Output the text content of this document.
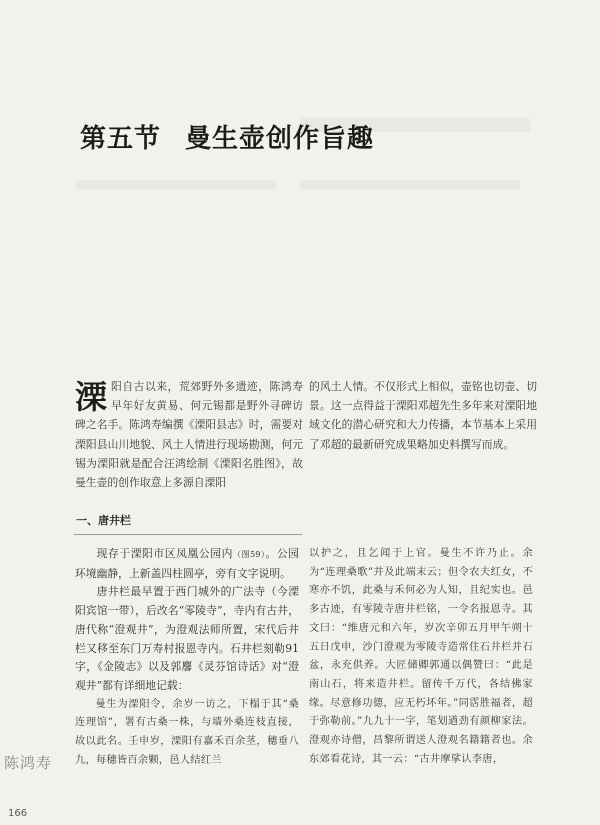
第五节 曼生壶创作旨趣
溧阳自古以来，荒郊野外多遗迹，陈鸿寿早年好友黄易、何元锡都是野外寻碑访碑之名手。陈鸿寿编撰《溧阳县志》时，需要对溧阳县山川地貌、风土人情进行现场勘测，何元锡为溧阳就是配合汪鸿绘制《溧阳名胜图》，故曼生壶的创作取意上多源自溧阳
的风土人情。不仅形式上相似，壶铭也切壶、切景。这一点得益于溧阳邓超先生多年来对溧阳地域文化的潜心研究和大力传播，本节基本上采用了邓超的最新研究成果略加史料撰写而成。
一、唐井栏

现存于溧阳市区凤凰公园内（图59）。公园环境幽静，上新盖四柱圆亭，旁有文字说明。

唐井栏最早置于西门城外的广法寺（今溧阳宾馆一带），后改名“零陵寺”，寺内有古井，唐代称“澄观井”，为澄观法师所置，宋代后井栏又移至东门万寿村报恩寺内。石井栏刻勒91字，《金陵志》以及郭麐《灵芬馆诗话》对“澄观井”都有详细地记载：

曼生为溧阳令，余岁一访之，下榻于其“桑连理馆”，署有古桑一株，与墙外桑连枝直接，故以此名。壬申岁，溧阳有嘉禾百余茎，穗垂八九，每穗皆百余颗，邑人结红兰

以护之，且乞闻于上官。曼生不许乃止。余为“连理桑歌”并及此端末云；但令农夫红女，不寒亦不饥，此桑与禾何必为人知，且纪实也。邑多古迹，有零陵寺唐井栏铭，一令名报恩寺。其文曰：“维唐元和六年，岁次辛卯五月甲午朔十五日戊申，沙门澄观为零陵寺造常住石井栏并石盆，永充供养。大匠储卿郭通以偶赞曰：“此是南山石，将来造井栏。留传千万代，各结佛家缘。尽意修功德，应无朽坏年。”同霑胜福者，超于弥勒前。”九九十一字，笔划遒劲有颜柳家法。澄观亦诗僧，昌黎所谓送人澄观名籍籍者也。余东郊看花诗，其一云：“古井摩挲认李唐，

陈鸿寿
166
